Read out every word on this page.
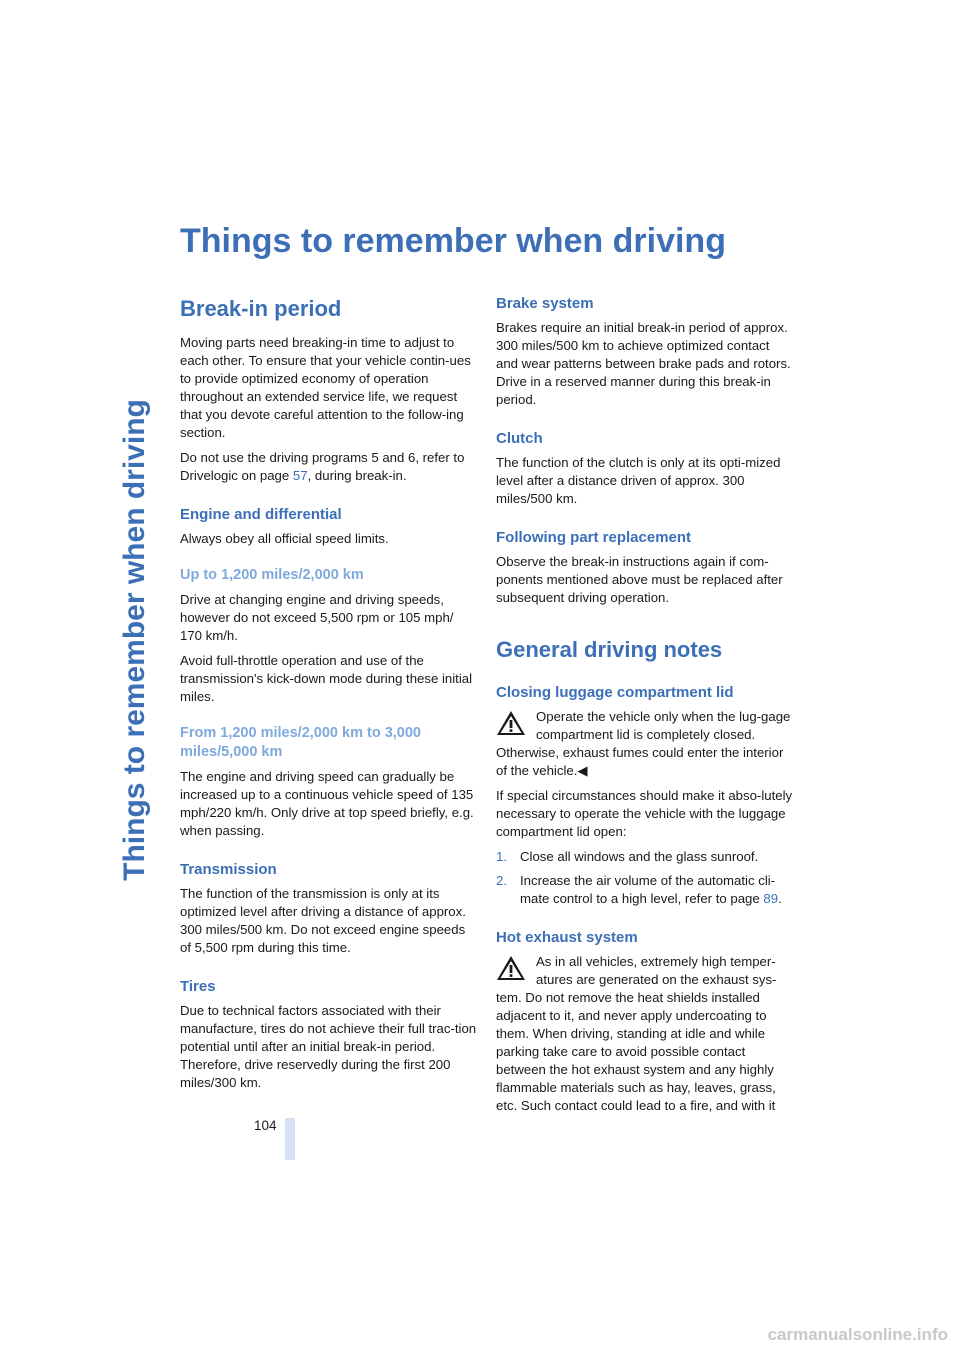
Things to remember when driving
Things to remember when driving
Break-in period

Moving parts need breaking-in time to adjust to each other. To ensure that your vehicle contin-ues to provide optimized economy of operation throughout an extended service life, we request that you devote careful attention to the follow-ing section.

Do not use the driving programs 5 and 6, refer to Drivelogic on page 57, during break-in.

Engine and differential

Always obey all official speed limits.

Up to 1,200 miles/2,000 km

Drive at changing engine and driving speeds, however do not exceed 5,500 rpm or 105 mph/ 170 km/h.

Avoid full-throttle operation and use of the transmission's kick-down mode during these initial miles.

From 1,200 miles/2,000 km to 3,000 miles/5,000 km

The engine and driving speed can gradually be increased up to a continuous vehicle speed of 135 mph/220 km/h. Only drive at top speed briefly, e.g. when passing.

Transmission

The function of the transmission is only at its optimized level after driving a distance of approx. 300 miles/500 km. Do not exceed engine speeds of 5,500 rpm during this time.

Tires

Due to technical factors associated with their manufacture, tires do not achieve their full trac-tion potential until after an initial break-in period. Therefore, drive reservedly during the first 200 miles/300 km.

Brake system

Brakes require an initial break-in period of approx. 300 miles/500 km to achieve optimized contact and wear patterns between brake pads and rotors. Drive in a reserved manner during this break-in period.

Clutch

The function of the clutch is only at its opti-mized level after a distance driven of approx. 300 miles/500 km.

Following part replacement

Observe the break-in instructions again if com-ponents mentioned above must be replaced after subsequent driving operation.

General driving notes
Closing luggage compartment lid
Operate the vehicle only when the lug-gage compartment lid is completely closed. Otherwise, exhaust fumes could enter the interior of the vehicle.◀

If special circumstances should make it abso-lutely necessary to operate the vehicle with the luggage compartment lid open:

1. Close all windows and the glass sunroof.
2. Increase the air volume of the automatic cli-mate control to a high level, refer to page 89.
Hot exhaust system
As in all vehicles, extremely high temper-atures are generated on the exhaust sys-tem. Do not remove the heat shields installed adjacent to it, and never apply undercoating to them. When driving, standing at idle and while parking take care to avoid possible contact between the hot exhaust system and any highly flammable materials such as hay, leaves, grass, etc. Such contact could lead to a fire, and with it
104
carmanualsonline.info
